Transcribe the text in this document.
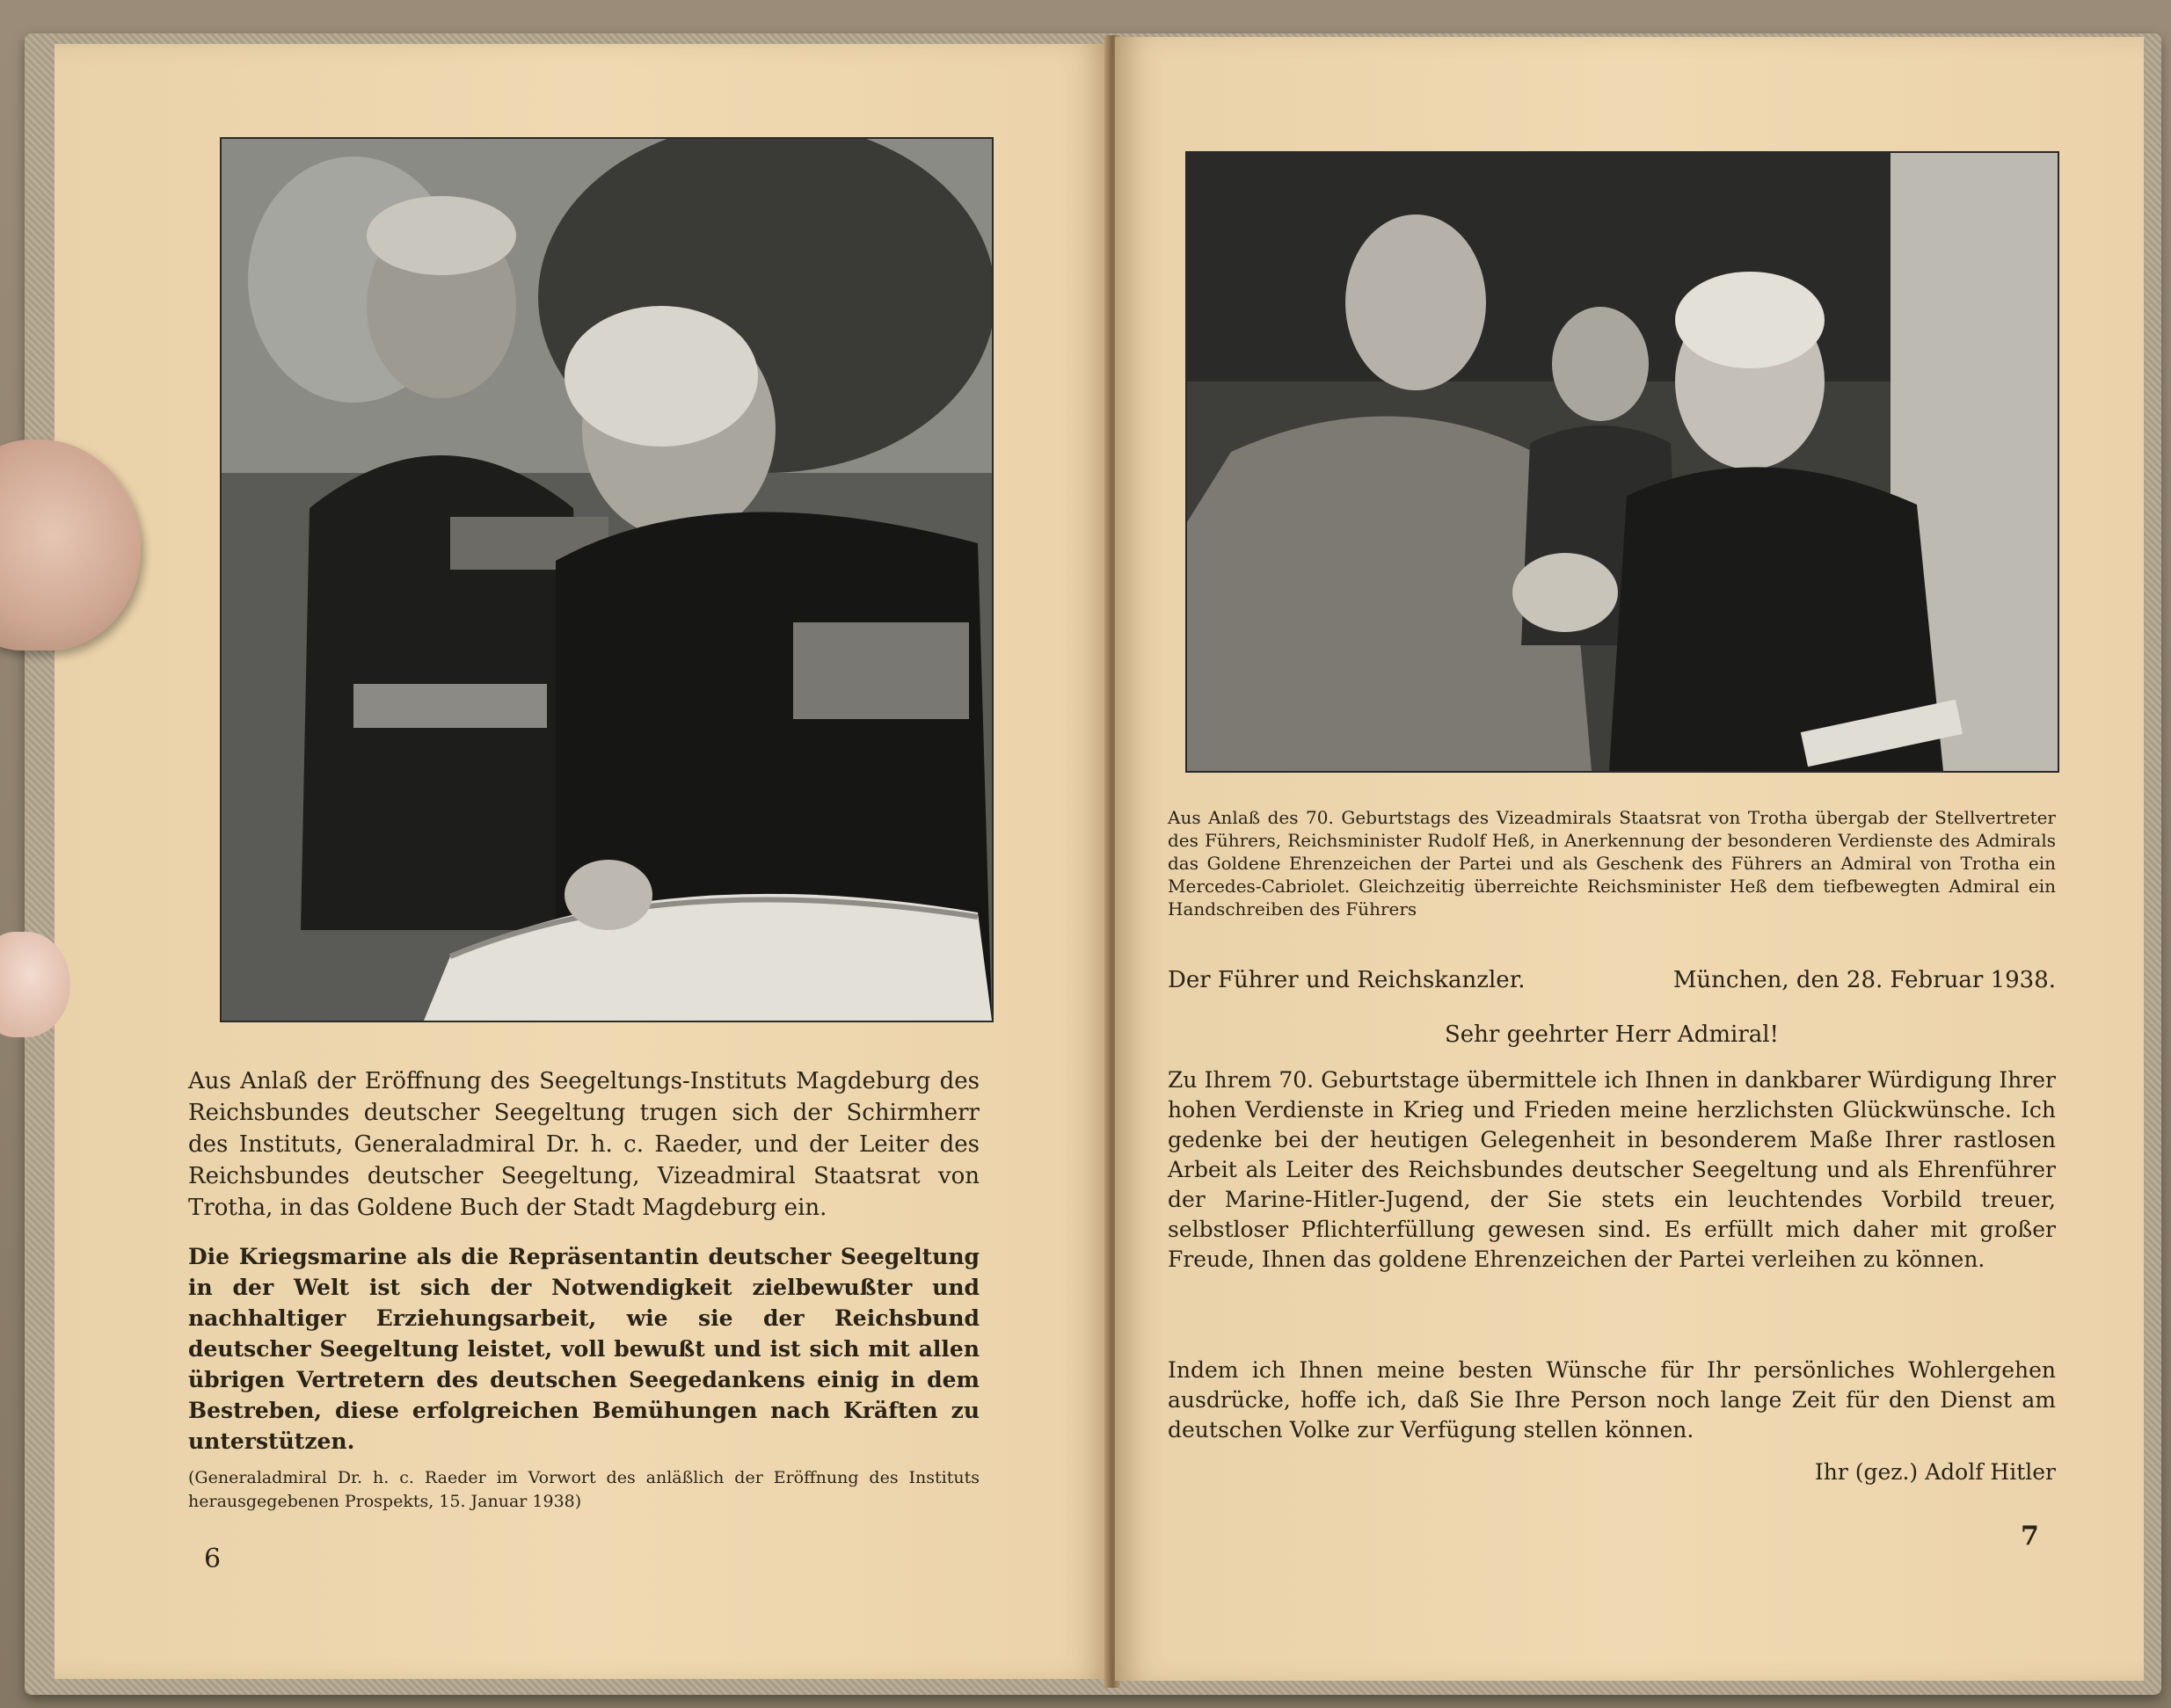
Aus Anlaß der Eröffnung des Seegeltungs-Instituts Magdeburg des Reichsbundes deutscher Seegeltung trugen sich der Schirmherr des Instituts, Generaladmiral Dr. h. c. Raeder, und der Leiter des Reichsbundes deutscher Seegeltung, Vizeadmiral Staatsrat von Trotha, in das Goldene Buch der Stadt Magdeburg ein.
Die Kriegsmarine als die Repräsentantin deutscher Seegeltung in der Welt ist sich der Notwendigkeit zielbewußter und nachhaltiger Erziehungsarbeit, wie sie der Reichsbund deutscher Seegeltung leistet, voll bewußt und ist sich mit allen übrigen Vertretern des deutschen Seegedankens einig in dem Bestreben, diese erfolgreichen Bemühungen nach Kräften zu unterstützen.
(Generaladmiral Dr. h. c. Raeder im Vorwort des anläßlich der Eröffnung des Instituts herausgegebenen Prospekts, 15. Januar 1938)
6
Aus Anlaß des 70. Geburtstags des Vizeadmirals Staatsrat von Trotha übergab der Stellvertreter des Führers, Reichsminister Rudolf Heß, in Anerkennung der besonderen Verdienste des Admirals das Goldene Ehrenzeichen der Partei und als Geschenk des Führers an Admiral von Trotha ein Mercedes-Cabriolet. Gleichzeitig überreichte Reichsminister Heß dem tiefbewegten Admiral ein Handschreiben des Führers
Der Führer und Reichskanzler.	München, den 28. Februar 1938.
Sehr geehrter Herr Admiral!
Zu Ihrem 70. Geburtstage übermittele ich Ihnen in dankbarer Würdigung Ihrer hohen Verdienste in Krieg und Frieden meine herzlichsten Glückwünsche. Ich gedenke bei der heutigen Gelegenheit in besonderem Maße Ihrer rastlosen Arbeit als Leiter des Reichsbundes deutscher Seegeltung und als Ehrenführer der Marine-Hitler-Jugend, der Sie stets ein leuchtendes Vorbild treuer, selbstloser Pflichterfüllung gewesen sind. Es erfüllt mich daher mit großer Freude, Ihnen das goldene Ehrenzeichen der Partei verleihen zu können.
Indem ich Ihnen meine besten Wünsche für Ihr persönliches Wohlergehen ausdrücke, hoffe ich, daß Sie Ihre Person noch lange Zeit für den Dienst am deutschen Volke zur Verfügung stellen können.
Ihr (gez.) Adolf Hitler
7
